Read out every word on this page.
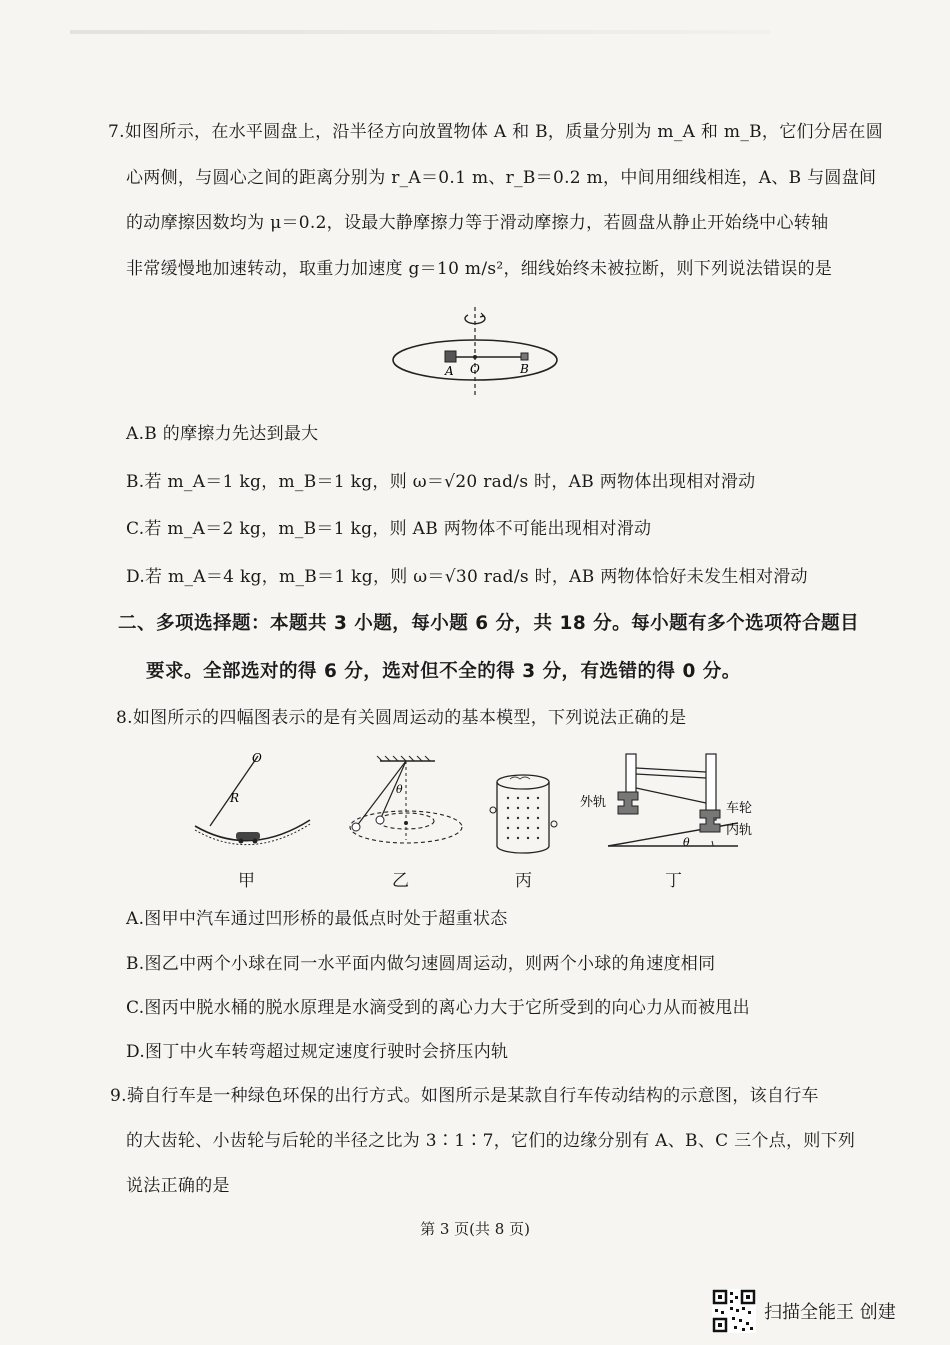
7.如图所示，在水平圆盘上，沿半径方向放置物体 A 和 B，质量分别为 m_A 和 m_B，它们分居在圆
心两侧，与圆心之间的距离分别为 r_A＝0.1 m、r_B＝0.2 m，中间用细线相连，A、B 与圆盘间
的动摩擦因数均为 μ＝0.2，设最大静摩擦力等于滑动摩擦力，若圆盘从静止开始绕中心转轴
非常缓慢地加速转动，取重力加速度 g＝10 m/s²，细线始终未被拉断，则下列说法错误的是
A O	B
A.B 的摩擦力先达到最大
B.若 m_A＝1 kg，m_B＝1 kg，则 ω＝√20 rad/s 时，AB 两物体出现相对滑动
C.若 m_A＝2 kg，m_B＝1 kg，则 AB 两物体不可能出现相对滑动
D.若 m_A＝4 kg，m_B＝1 kg，则 ω＝√30 rad/s 时，AB 两物体恰好未发生相对滑动
二、多项选择题：本题共 3 小题，每小题 6 分，共 18 分。每小题有多个选项符合题目
要求。全部选对的得 6 分，选对但不全的得 3 分，有选错的得 0 分。
8.如图所示的四幅图表示的是有关圆周运动的基本模型，下列说法正确的是
O
R
甲
θ
乙	丙
θ
外轨	车轮
内轨
丁
A.图甲中汽车通过凹形桥的最低点时处于超重状态
B.图乙中两个小球在同一水平面内做匀速圆周运动，则两个小球的角速度相同
C.图丙中脱水桶的脱水原理是水滴受到的离心力大于它所受到的向心力从而被甩出
D.图丁中火车转弯超过规定速度行驶时会挤压内轨
9.骑自行车是一种绿色环保的出行方式。如图所示是某款自行车传动结构的示意图，该自行车
的大齿轮、小齿轮与后轮的半径之比为 3∶1∶7，它们的边缘分别有 A、B、C 三个点，则下列
说法正确的是
第 3 页(共 8 页)
扫描全能王 创建
